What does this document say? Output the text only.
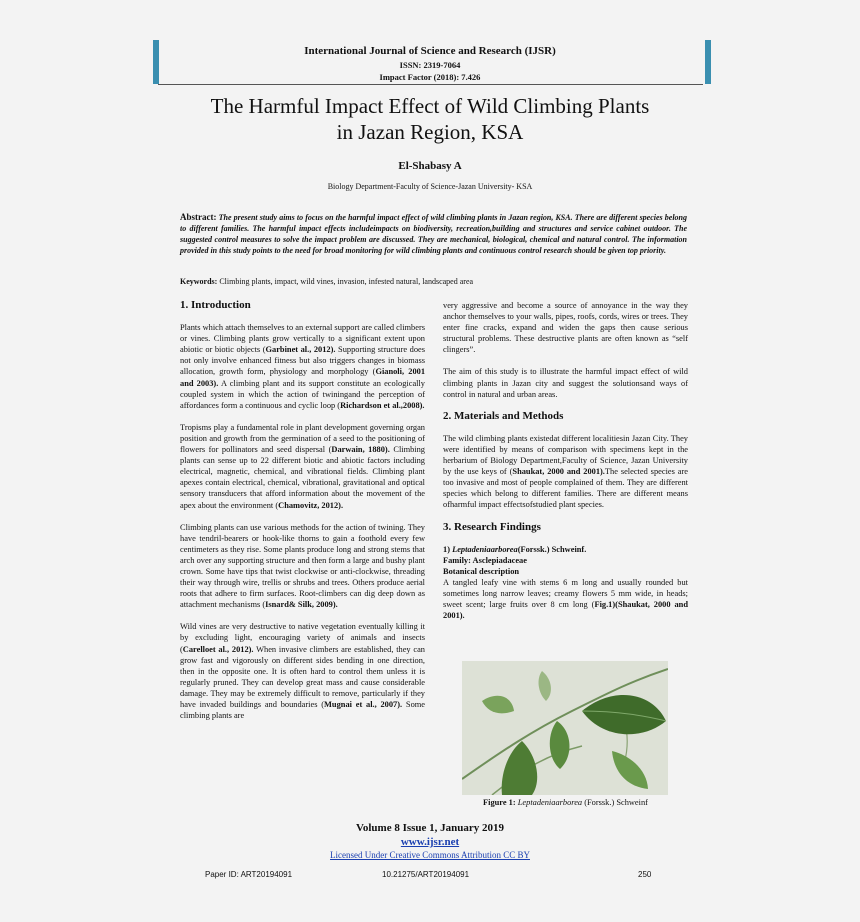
International Journal of Science and Research (IJSR)
ISSN: 2319-7064
Impact Factor (2018): 7.426
The Harmful Impact Effect of Wild Climbing Plants
in Jazan Region, KSA
El-Shabasy A
Biology Department-Faculty of Science-Jazan University- KSA
Abstract: The present study aims to focus on the harmful impact effect of wild climbing plants in Jazan region, KSA. There are different species belong to different families. The harmful impact effects includeimpacts on biodiversity, recreation,building and structures and service cabinet outdoor. The suggested control measures to solve the impact problem are discussed. They are mechanical, biological, chemical and natural control. The information provided in this study points to the need for broad monitoring for wild climbing plants and continuous control research should be given top priority.
Keywords: Climbing plants, impact, wild vines, invasion, infested natural, landscaped area
1. Introduction

Plants which attach themselves to an external support are called climbers or vines. Climbing plants grow vertically to a significant extent upon abiotic or biotic objects (Garbinet al., 2012). Supporting structure does not only involve enhanced fitness but also triggers changes in biomass allocation, growth form, physiology and morphology (Gianoli, 2001 and 2003). A climbing plant and its support constitute an ecologically coupled system in which the action of twiningand the perception of affordances form a continuous and cyclic loop (Richardson et al.,2008).

Tropisms play a fundamental role in plant development governing organ position and growth from the germination of a seed to the positioning of flowers for pollinators and seed dispersal (Darwain, 1880). Climbing plants can sense up to 22 different biotic and abiotic factors including electrical, magnetic, chemical, and vibrational fields. Climbing plant apexes contain electrical, chemical, vibrational, gravitational and optical sensory transducers that afford information about the movement of the apex about the environment (Chamovitz, 2012).

Climbing plants can use various methods for the action of twining. They have tendril-bearers or hook-like thorns to gain a foothold every few centimeters as they rise. Some plants produce long and strong stems that arch over any supporting structure and then form a large and bushy plant crown. Some have tips that twist clockwise or anti-clockwise, threading their way through wire, trellis or shrubs and trees. Others produce aerial roots that adhere to firm surfaces. Root-climbers can dig deep down as attachment mechanisms (Isnard& Silk, 2009).

Wild vines are very destructive to native vegetation eventually killing it by excluding light, encouraging variety of animals and insects (Carelloet al., 2012). When invasive climbers are established, they can grow fast and vigorously on different sides bending in one direction, then in the opposite one. It is often hard to control them unless it is regularly pruned. They can develop great mass and cause considerable damage. They may be extremely difficult to remove, particularly if they have invaded buildings and boundaries (Mugnai et al., 2007). Some climbing plants are

very aggressive and become a source of annoyance in the way they anchor themselves to your walls, pipes, roofs, cords, wires or trees. They enter fine cracks, expand and widen the gaps then cause serious structural problems. These destructive plants are often known as “self clingers”.

The aim of this study is to illustrate the harmful impact effect of wild climbing plants in Jazan city and suggest the solutionsand ways of control in natural and urban areas.

2. Materials and Methods

The wild climbing plants existedat different localitiesin Jazan City. They were identified by means of comparison with specimens kept in the herbarium of Biology Department,Faculty of Science, Jazan University by the use keys of (Shaukat, 2000 and 2001).The selected species are too invasive and most of people complained of them. They are different species which belong to different families. There are different means ofharmful impact effectsofstudied plant species.

3. Research Findings
1) Leptadeniaarborea(Forssk.) Schweinf.
Family: Asclepiadaceae
Botanical description
A tangled leafy vine with stems 6 m long and usually rounded but sometimes long narrow leaves; creamy flowers 5 mm wide, in heads; sweet scent; large fruits over 8 cm long (Fig.1)(Shaukat, 2000 and 2001).
Figure 1: Leptadeniaarborea (Forssk.) Schweinf
Volume 8 Issue 1, January 2019
www.ijsr.net
Licensed Under Creative Commons Attribution CC BY
Paper ID: ART20194091	10.21275/ART20194091	250
